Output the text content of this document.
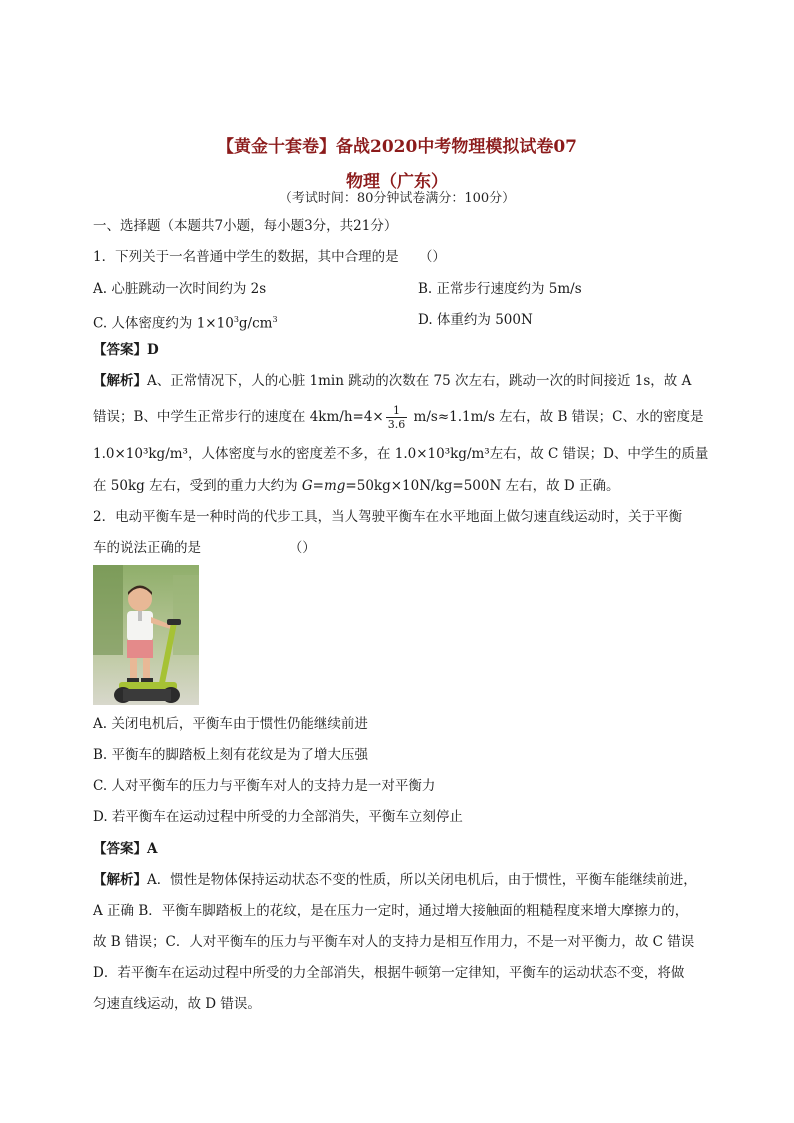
【黄金十套卷】备战2020中考物理模拟试卷07
物理（广东）
（考试时间：80分钟试卷满分：100分）
一、选择题（本题共7小题，每小题3分，共21分）
1．下列关于一名普通中学生的数据，其中合理的是　　（）
A. 心脏跳动一次时间约为 2s	B. 正常步行速度约为 5m/s
C. 人体密度约为 $1\times 10^3g/cm^3$	D. 体重约为 500N
【答案】D
【解析】A、正常情况下，人的心脏 1min 跳动的次数在 75 次左右，跳动一次的时间接近 1s，故 A
错误；B、中学生正常步行的速度在 $4km/h=4\times \frac{1}{3.6} m/s\approx 1.1m/s$ 左右，故 B 错误；C、水的密度是
1.0×10³kg/m³，人体密度与水的密度差不多，在 1.0×10³kg/m³左右，故 C 错误；D、中学生的质量
在 50kg 左右，受到的重力大约为 G=mg=50kg×10N/kg=500N 左右，故 D 正确。
2．电动平衡车是一种时尚的代步工具，当人驾驶平衡车在水平地面上做匀速直线运动时，关于平衡
车的说法正确的是　　　　　　　（）
A. 关闭电机后，平衡车由于惯性仍能继续前进
B. 平衡车的脚踏板上刻有花纹是为了增大压强
C. 人对平衡车的压力与平衡车对人的支持力是一对平衡力
D. 若平衡车在运动过程中所受的力全部消失，平衡车立刻停止
【答案】A
【解析】A．惯性是物体保持运动状态不变的性质，所以关闭电机后，由于惯性，平衡车能继续前进，
A 正确 B．平衡车脚踏板上的花纹，是在压力一定时，通过增大接触面的粗糙程度来增大摩擦力的，
故 B 错误；C．人对平衡车的压力与平衡车对人的支持力是相互作用力，不是一对平衡力，故 C 错误
D．若平衡车在运动过程中所受的力全部消失，根据牛顿第一定律知，平衡车的运动状态不变，将做
匀速直线运动，故 D 错误。
